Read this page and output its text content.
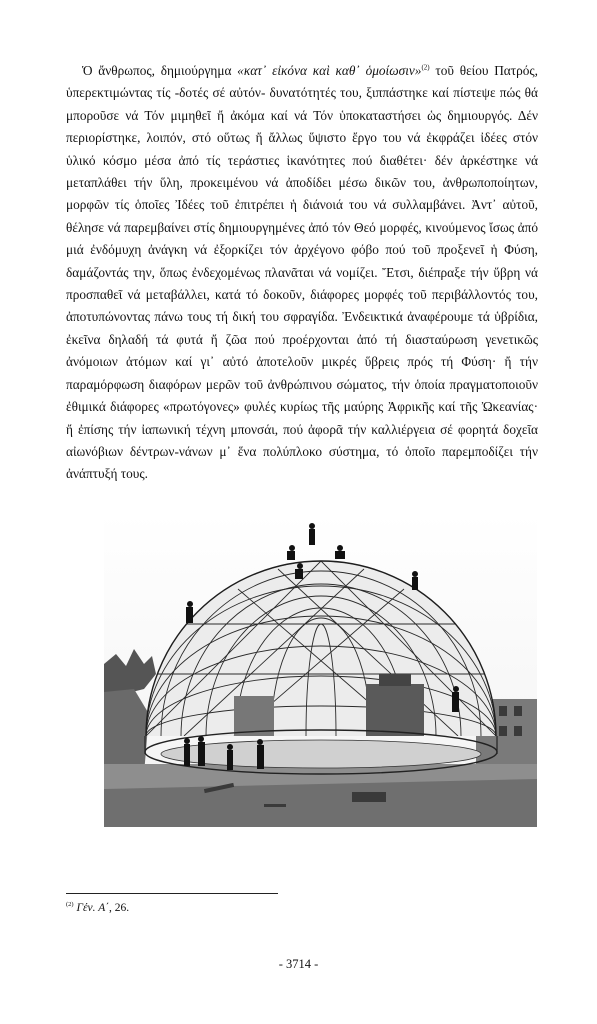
Ὁ ἄνθρωπος, δημιούργημα «κατ᾿ εἰκόνα καὶ καθ᾿ ὁμοίωσιν»$^{(2)}$ τοῦ θείου Πατρός, ὑπερεκτιμώντας τίς -δοτές σέ αὐτόν- δυνατότητές του, ξιππάστηκε καί πίστεψε πώς θά μποροῦσε νά Τόν μιμηθεῖ ἤ ἀκόμα καί νά Τόν ὑποκαταστήσει ὡς δημιουργός. Δέν περιορίστηκε, λοιπόν, στό οὕτως ἤ ἄλλως ὕψιστο ἔργο του νά ἐκφράζει ἰδέες στόν ὑλικό κόσμο μέσα ἀπό τίς τεράστιες ἱκανότητες πού διαθέτει· δέν ἀρκέστηκε νά μεταπλάθει τήν ὕλη, προκειμένου νά ἀποδίδει μέσω δικῶν του, ἀνθρωποποίητων, μορφῶν τίς ὁποῖες Ἰδέες τοῦ ἐπιτρέπει ἡ διάνοιά του νά συλλαμβάνει. Ἀντ᾿ αὐτοῦ, θέλησε νά παρεμβαίνει στίς δημιουργημένες ἀπό τόν Θεό μορφές, κινούμενος ἴσως ἀπό μιά ἐνδόμυχη ἀνάγκη νά ἐξορκίζει τόν ἀρχέγονο φόβο πού τοῦ προξενεῖ ἡ Φύση, δαμάζοντάς την, ὅπως ἐνδεχομένως πλανᾶται νά νομίζει. Ἔτσι, διέπραξε τήν ὕβρη νά προσπαθεῖ νά μεταβάλλει, κατά τό δοκοῦν, διάφορες μορφές τοῦ περιβάλλοντός του, ἀποτυπώνοντας πάνω τους τή δική του σφραγίδα. Ἐνδεικτικά ἀναφέρουμε τά ὑβρίδια, ἐκεῖνα δηλαδή τά φυτά ἤ ζῶα πού προέρχονται ἀπό τή διασταύρωση γενετικῶς ἀνόμοιων ἀτόμων καί γι᾿ αὐτό ἀποτελοῦν μικρές ὕβρεις πρός τή Φύση· ἤ τήν παραμόρφωση διαφόρων μερῶν τοῦ ἀνθρώπινου σώματος, τήν ὁποία πραγματοποιοῦν ἐθιμικά διάφορες «πρωτόγονες» φυλές κυρίως τῆς μαύρης Ἀφρικῆς καί τῆς Ὠκεανίας· ἤ ἐπίσης τήν ἰαπωνική τέχνη μπονσάι, πού ἀφορᾶ τήν καλλιέργεια σέ φορητά δοχεῖα αἰωνόβιων δέντρων-νάνων μ᾿ ἕνα πολύπλοκο σύστημα, τό ὁποῖο παρεμποδίζει τήν ἀνάπτυξή τους.

$^{(2)}$ Γέν. Α΄, 26.
- 3714 -
